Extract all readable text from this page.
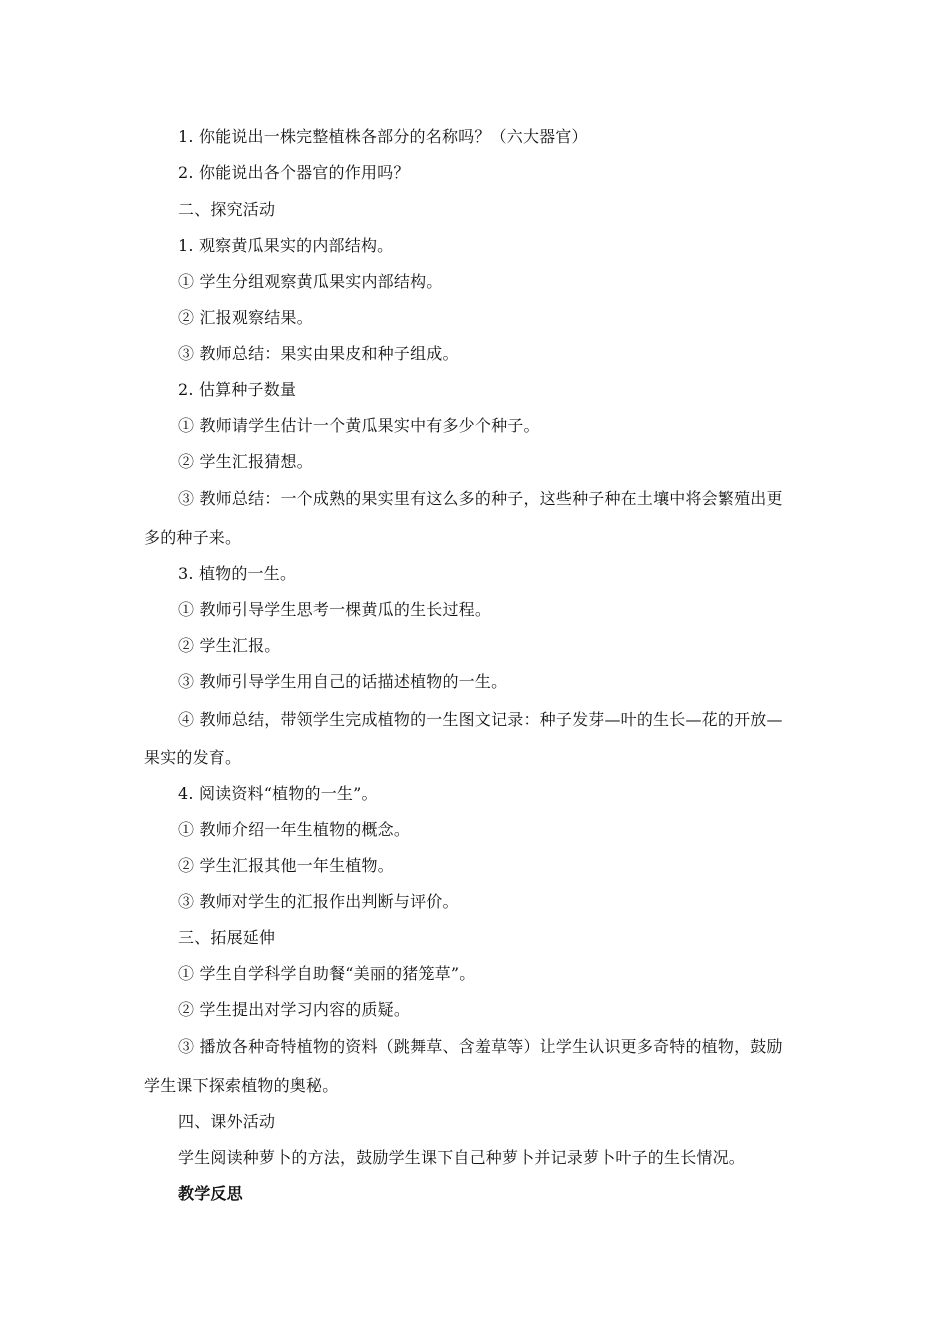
1. 你能说出一株完整植株各部分的名称吗？（六大器官）
2. 你能说出各个器官的作用吗？
二、探究活动
1. 观察黄瓜果实的内部结构。
① 学生分组观察黄瓜果实内部结构。
② 汇报观察结果。
③ 教师总结：果实由果皮和种子组成。
2. 估算种子数量
① 教师请学生估计一个黄瓜果实中有多少个种子。
② 学生汇报猜想。
③ 教师总结：一个成熟的果实里有这么多的种子，这些种子种在土壤中将会繁殖出更
多的种子来。
3. 植物的一生。
① 教师引导学生思考一棵黄瓜的生长过程。
② 学生汇报。
③ 教师引导学生用自己的话描述植物的一生。
④ 教师总结，带领学生完成植物的一生图文记录：种子发芽—叶的生长—花的开放—
果实的发育。
4. 阅读资料“植物的一生”。
① 教师介绍一年生植物的概念。
② 学生汇报其他一年生植物。
③ 教师对学生的汇报作出判断与评价。
三、拓展延伸
① 学生自学科学自助餐“美丽的猪笼草”。
② 学生提出对学习内容的质疑。
③ 播放各种奇特植物的资料（跳舞草、含羞草等）让学生认识更多奇特的植物，鼓励
学生课下探索植物的奥秘。
四、课外活动
学生阅读种萝卜的方法，鼓励学生课下自己种萝卜并记录萝卜叶子的生长情况。
教学反思
